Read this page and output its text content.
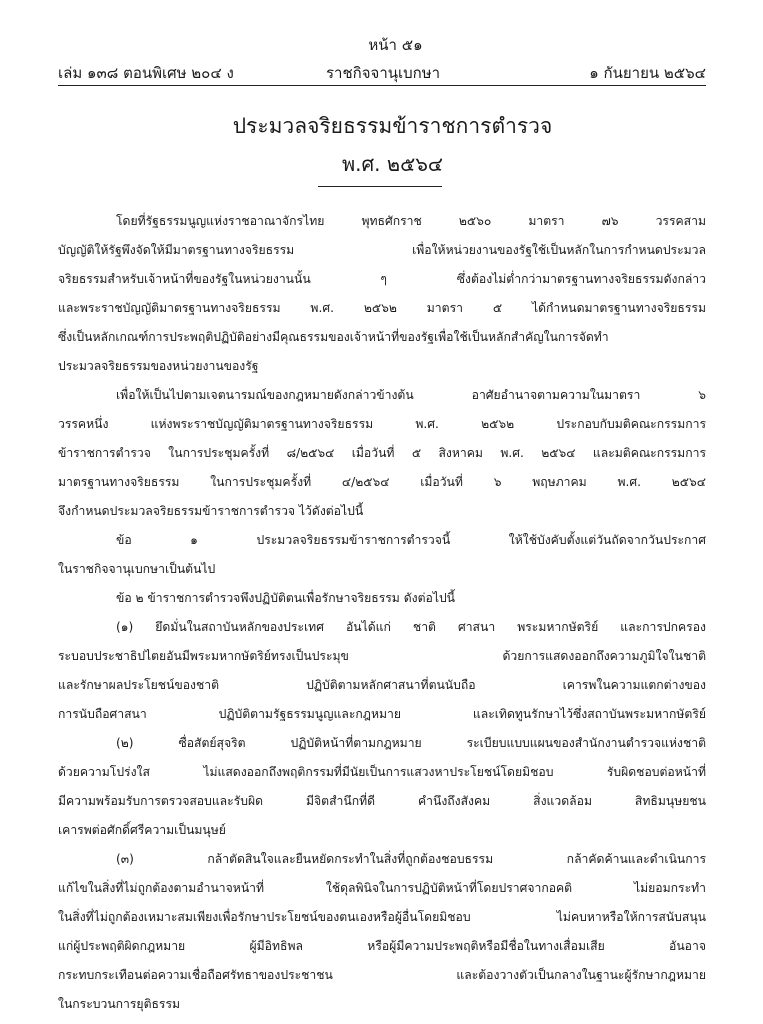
หน้า ๕๑
เล่ม ๑๓๘ ตอนพิเศษ ๒๐๔ ง	ราชกิจจานุเบกษา	๑ กันยายน ๒๕๖๔
ประมวลจริยธรรมข้าราชการตำรวจ
พ.ศ. ๒๕๖๔
โดยที่รัฐธรรมนูญแห่งราชอาณาจักรไทย พุทธศักราช ๒๕๖๐ มาตรา ๗๖ วรรคสาม
บัญญัติให้รัฐพึงจัดให้มีมาตรฐานทางจริยธรรม เพื่อให้หน่วยงานของรัฐใช้เป็นหลักในการกำหนดประมวล
จริยธรรมสำหรับเจ้าหน้าที่ของรัฐในหน่วยงานนั้น ๆ ซึ่งต้องไม่ต่ำกว่ามาตรฐานทางจริยธรรมดังกล่าว
และพระราชบัญญัติมาตรฐานทางจริยธรรม พ.ศ. ๒๕๖๒ มาตรา ๕ ได้กำหนดมาตรฐานทางจริยธรรม
ซึ่งเป็นหลักเกณฑ์การประพฤติปฏิบัติอย่างมีคุณธรรมของเจ้าหน้าที่ของรัฐเพื่อใช้เป็นหลักสำคัญในการจัดทำ
ประมวลจริยธรรมของหน่วยงานของรัฐ
เพื่อให้เป็นไปตามเจตนารมณ์ของกฎหมายดังกล่าวข้างต้น อาศัยอำนาจตามความในมาตรา ๖
วรรคหนึ่ง แห่งพระราชบัญญัติมาตรฐานทางจริยธรรม พ.ศ. ๒๕๖๒ ประกอบกับมติคณะกรรมการ
ข้าราชการตำรวจ ในการประชุมครั้งที่ ๘/๒๕๖๔ เมื่อวันที่ ๕ สิงหาคม พ.ศ. ๒๕๖๔ และมติคณะกรรมการ
มาตรฐานทางจริยธรรม ในการประชุมครั้งที่ ๔/๒๕๖๔ เมื่อวันที่ ๖ พฤษภาคม พ.ศ. ๒๕๖๔
จึงกำหนดประมวลจริยธรรมข้าราชการตำรวจ ไว้ดังต่อไปนี้
ข้อ ๑ ประมวลจริยธรรมข้าราชการตำรวจนี้ ให้ใช้บังคับตั้งแต่วันถัดจากวันประกาศ
ในราชกิจจานุเบกษาเป็นต้นไป
ข้อ ๒ ข้าราชการตำรวจพึงปฏิบัติตนเพื่อรักษาจริยธรรม ดังต่อไปนี้
(๑) ยึดมั่นในสถาบันหลักของประเทศ อันได้แก่ ชาติ ศาสนา พระมหากษัตริย์ และการปกครอง
ระบอบประชาธิปไตยอันมีพระมหากษัตริย์ทรงเป็นประมุข ด้วยการแสดงออกถึงความภูมิใจในชาติ
และรักษาผลประโยชน์ของชาติ ปฏิบัติตามหลักศาสนาที่ตนนับถือ เคารพในความแตกต่างของ
การนับถือศาสนา ปฏิบัติตามรัฐธรรมนูญและกฎหมาย และเทิดทูนรักษาไว้ซึ่งสถาบันพระมหากษัตริย์
(๒) ซื่อสัตย์สุจริต ปฏิบัติหน้าที่ตามกฎหมาย ระเบียบแบบแผนของสำนักงานตำรวจแห่งชาติ
ด้วยความโปร่งใส ไม่แสดงออกถึงพฤติกรรมที่มีนัยเป็นการแสวงหาประโยชน์โดยมิชอบ รับผิดชอบต่อหน้าที่
มีความพร้อมรับการตรวจสอบและรับผิด มีจิตสำนึกที่ดี คำนึงถึงสังคม สิ่งแวดล้อม สิทธิมนุษยชน
เคารพต่อศักดิ์ศรีความเป็นมนุษย์
(๓) กล้าตัดสินใจและยืนหยัดกระทำในสิ่งที่ถูกต้องชอบธรรม กล้าคัดค้านและดำเนินการ
แก้ไขในสิ่งที่ไม่ถูกต้องตามอำนาจหน้าที่ ใช้ดุลพินิจในการปฏิบัติหน้าที่โดยปราศจากอคติ ไม่ยอมกระทำ
ในสิ่งที่ไม่ถูกต้องเหมาะสมเพียงเพื่อรักษาประโยชน์ของตนเองหรือผู้อื่นโดยมิชอบ ไม่คบหาหรือให้การสนับสนุน
แก่ผู้ประพฤติผิดกฎหมาย ผู้มีอิทธิพล หรือผู้มีความประพฤติหรือมีชื่อในทางเสื่อมเสีย อันอาจ
กระทบกระเทือนต่อความเชื่อถือศรัทธาของประชาชน และต้องวางตัวเป็นกลางในฐานะผู้รักษากฎหมาย
ในกระบวนการยุติธรรม
